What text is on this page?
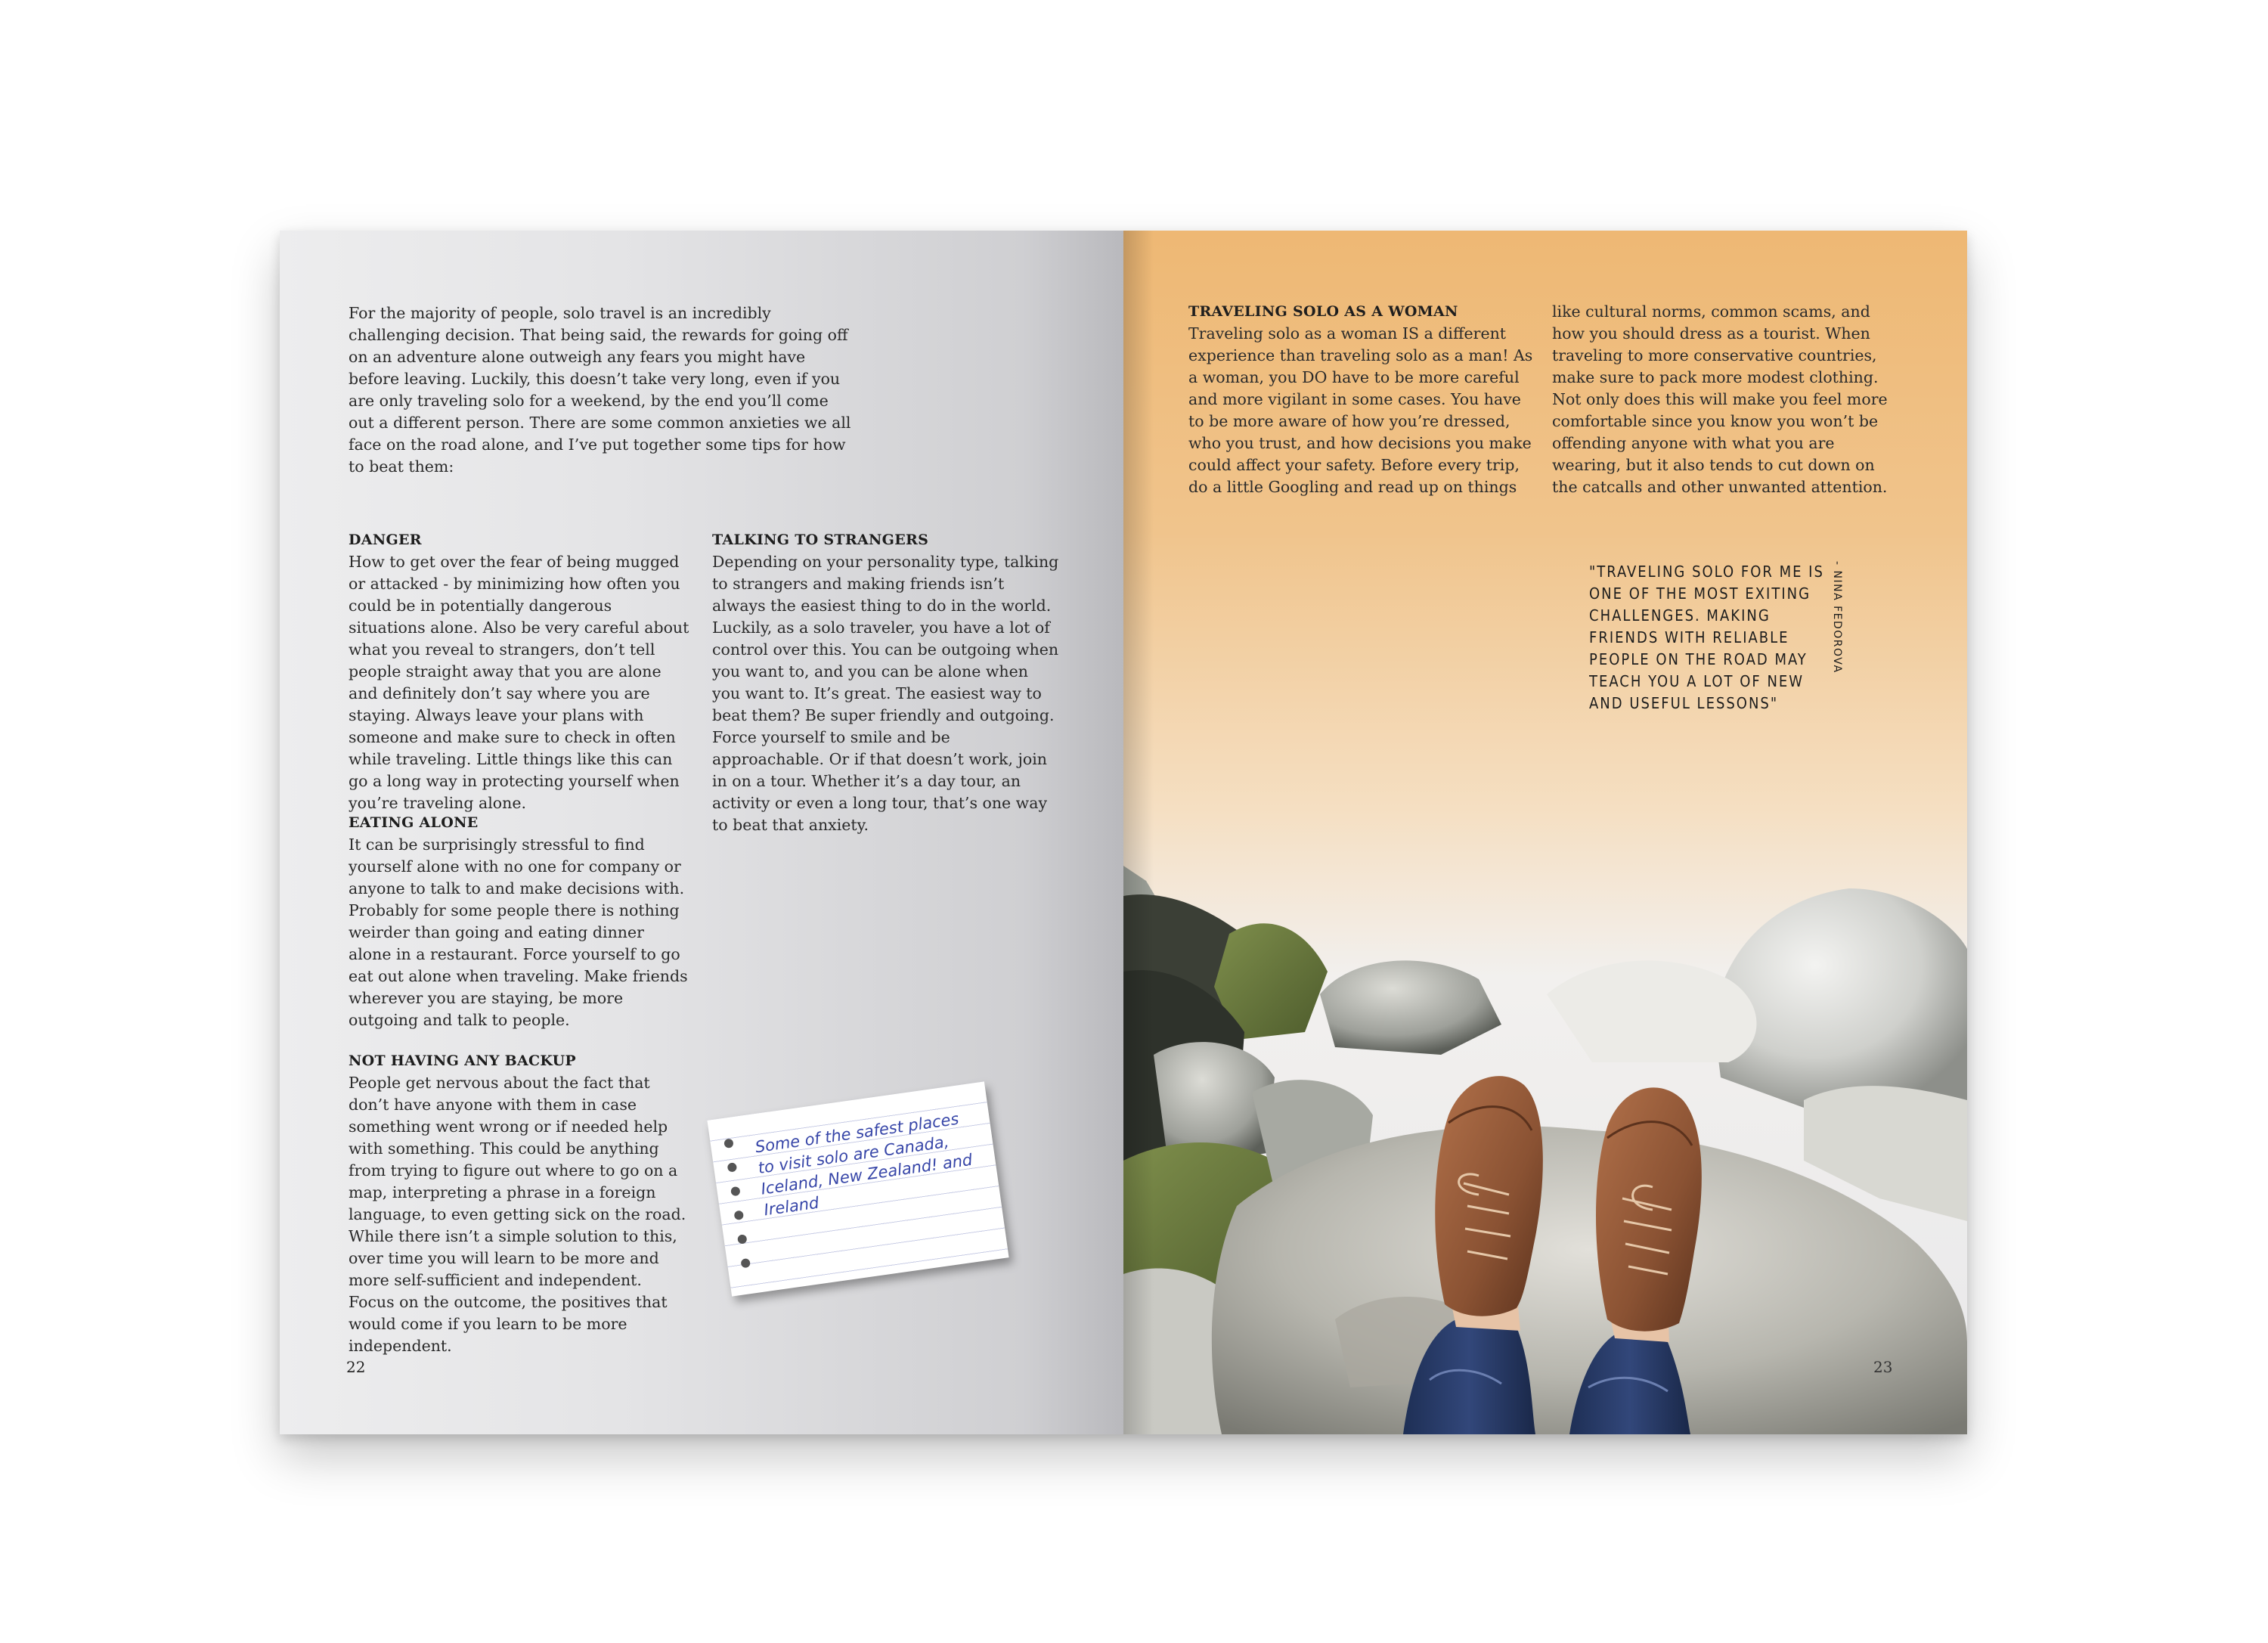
For the majority of people, solo travel is an incredibly challenging decision. That being said, the rewards for going off on an adventure alone outweigh any fears you might have before leaving. Luckily, this doesn’t take very long, even if you are only traveling solo for a weekend, by the end you’ll come out a different person. There are some common anxieties we all face on the road alone, and I’ve put together some tips for how to beat them:

DANGER
How to get over the fear of being mugged or attacked - by minimizing how often you could be in potentially dangerous situations alone. Also be very careful about what you reveal to strangers, don’t tell people straight away that you are alone and definitely don’t say where you are staying. Always leave your plans with someone and make sure to check in often while traveling. Little things like this can go a long way in protecting yourself when you’re traveling alone.
EATING ALONE
It can be surprisingly stressful to find yourself alone with no one for company or anyone to talk to and make decisions with. Probably for some people there is nothing weirder than going and eating dinner alone in a restaurant. Force yourself to go eat out alone when traveling. Make friends wherever you are staying, be more outgoing and talk to people.
NOT HAVING ANY BACKUP
People get nervous about the fact that don’t have anyone with them in case something went wrong or if needed help with something. This could be anything from trying to figure out where to go on a map, interpreting a phrase in a foreign language, to even getting sick on the road. While there isn’t a simple solution to this, over time you will learn to be more and more self-sufficient and independent. Focus on the outcome, the positives that would come if you learn to be more independent.
TALKING TO STRANGERS
Depending on your personality type, talking to strangers and making friends isn’t always the easiest thing to do in the world. Luckily, as a solo traveler, you have a lot of control over this. You can be outgoing when you want to, and you can be alone when you want to. It’s great. The easiest way to beat them? Be super friendly and outgoing. Force yourself to smile and be approachable. Or if that doesn’t work, join in on a tour. Whether it’s a day tour, an activity or even a long tour, that’s one way to beat that anxiety.
Some of the safest places to visit solo are Canada, Iceland, New Zealand! and Ireland
22
TRAVELING SOLO AS A WOMAN
Traveling solo as a woman IS a different experience than traveling solo as a man! As a woman, you DO have to be more careful and more vigilant in some cases. You have to be more aware of how you’re dressed, who you trust, and how decisions you make could affect your safety. Before every trip, do a little Googling and read up on things

like cultural norms, common scams, and how you should dress as a tourist. When traveling to more conservative countries, make sure to pack more modest clothing. Not only does this will make you feel more comfortable since you know you won’t be offending anyone with what you are wearing, but it also tends to cut down on the catcalls and other unwanted attention.

"TRAVELING SOLO FOR ME IS ONE OF THE MOST EXITING CHALLENGES. MAKING FRIENDS WITH RELIABLE PEOPLE ON THE ROAD MAY TEACH YOU A LOT OF NEW AND USEFUL LESSONS"

- NINA FEDOROVA
23
